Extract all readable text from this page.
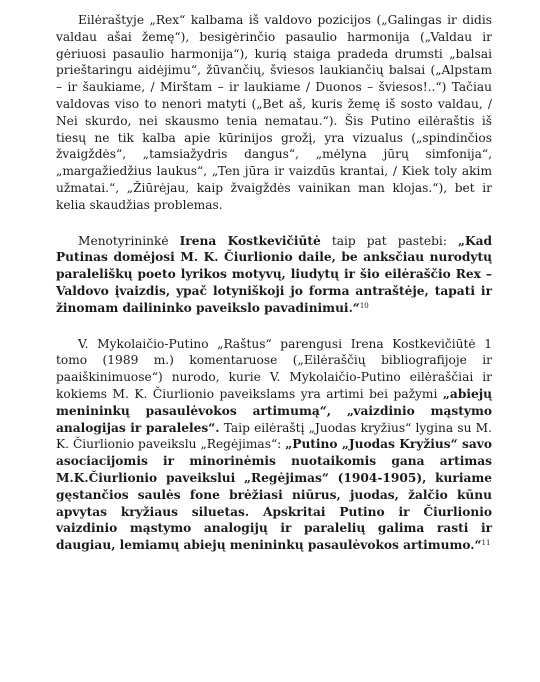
Eilėraštyje „Rex“ kalbama iš valdovo pozicijos („Galingas ir didis valdau ašai žemę“), besigėrinčio pasaulio harmonija („Valdau ir gėriuosi pasaulio harmonija“), kurią staiga pradeda drumsti „balsai prieštaringu aidėjimu“, žūvančių, šviesos laukiančių balsai („Alpstam – ir šaukiame, / Mirštam – ir laukiame / Duonos – šviesos!..“) Tačiau valdovas viso to nenori matyti („Bet aš, kuris žemę iš sosto valdau, / Nei skurdo, nei skausmo tenia nematau.“). Šis Putino eilėraštis iš tiesų ne tik kalba apie kūrinijos grožį, yra vizualus („spindinčios žvaigždės“, „tamsiažydris dangus“, „mėlyna jūrų simfonija“, „margažiedžius laukus“, „Ten jūra ir vaizdūs krantai, / Kiek toly akim užmatai.“, „Žiūrėjau, kaip žvaigždės vainikan man klojas.“), bet ir kelia skaudžias problemas.

Menotyrininkė Irena Kostkevičiūtė taip pat pastebi: „Kad Putinas domėjosi M. K. Čiurlionio daile, be anksčiau nurodytų paraleliškų poeto lyrikos motyvų, liudytų ir šio eilėraščio Rex – Valdovo įvaizdis, ypač lotyniškoji jo forma antraštėje, tapati ir žinomam dailininko paveikslo pavadinimui.“$^{10}$

V. Mykolaičio-Putino „Raštus“ parengusi Irena Kostkevičiūtė 1 tomo (1989 m.) komentaruose („Eilėraščių bibliografijoje ir paaiškinimuose“) nurodo, kurie V. Mykolaičio-Putino eilėraščiai ir kokiems M. K. Čiurlionio paveikslams yra artimi bei pažymi „abiejų menininkų pasaulėvokos artimumą“, „vaizdinio mąstymo analogijas ir paraleles“. Taip eilėraštį „Juodas kryžius“ lygina su M. K. Čiurlionio paveikslu „Regėjimas“: „Putino „Juodas Kryžius“ savo asociacijomis ir minorinėmis nuotaikomis gana artimas M.K.Čiurlionio paveikslui „Regėjimas“ (1904-1905), kuriame gęstančios saulės fone brėžiasi niūrus, juodas, žalčio kūnu apvytas kryžiaus siluetas. Apskritai Putino ir Čiurlionio vaizdinio mąstymo analogijų ir paralelių galima rasti ir daugiau, lemiamų abiejų menininkų pasaulėvokos artimumo.“$^{11}$
